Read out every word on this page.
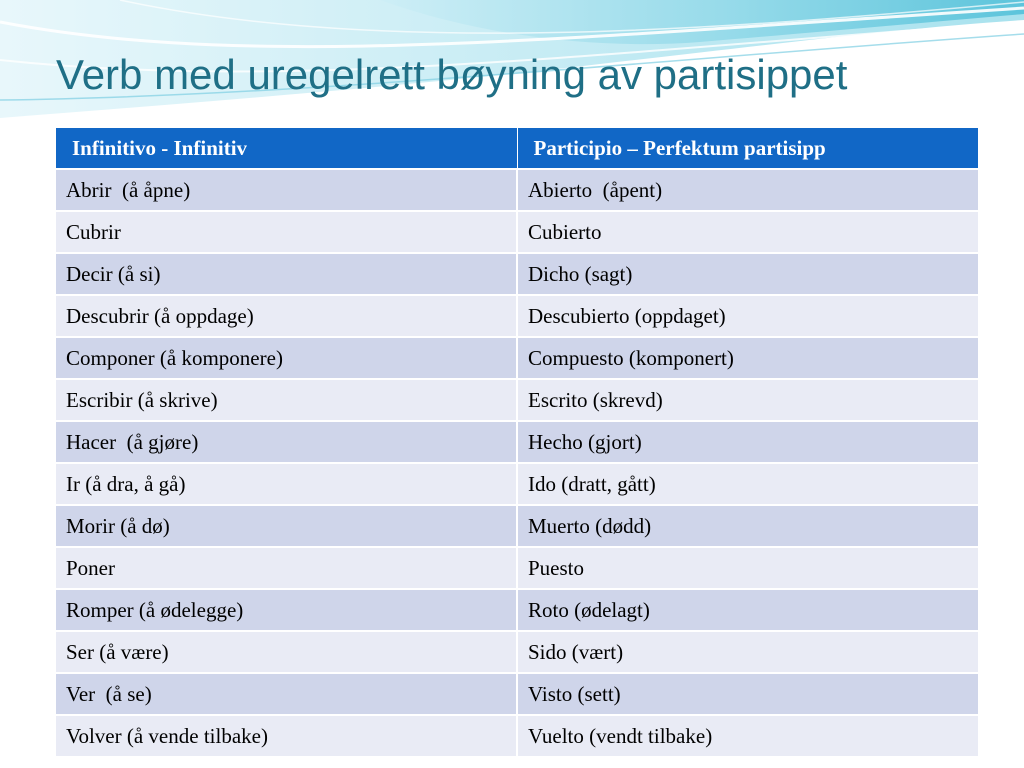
Verb med uregelrett bøyning av partisippet
Infinitivo - Infinitiv	Participio – Perfektum partisipp
Abrir  (å åpne)	Abierto  (åpent)
Cubrir	Cubierto
Decir (å si)	Dicho (sagt)
Descubrir (å oppdage)	Descubierto (oppdaget)
Componer (å komponere)	Compuesto (komponert)
Escribir (å skrive)	Escrito (skrevd)
Hacer  (å gjøre)	Hecho (gjort)
Ir (å dra, å gå)	Ido (dratt, gått)
Morir (å dø)	Muerto (dødd)
Poner	Puesto
Romper (å ødelegge)	Roto (ødelagt)
Ser (å være)	Sido (vært)
Ver  (å se)	Visto (sett)
Volver (å vende tilbake)	Vuelto (vendt tilbake)
